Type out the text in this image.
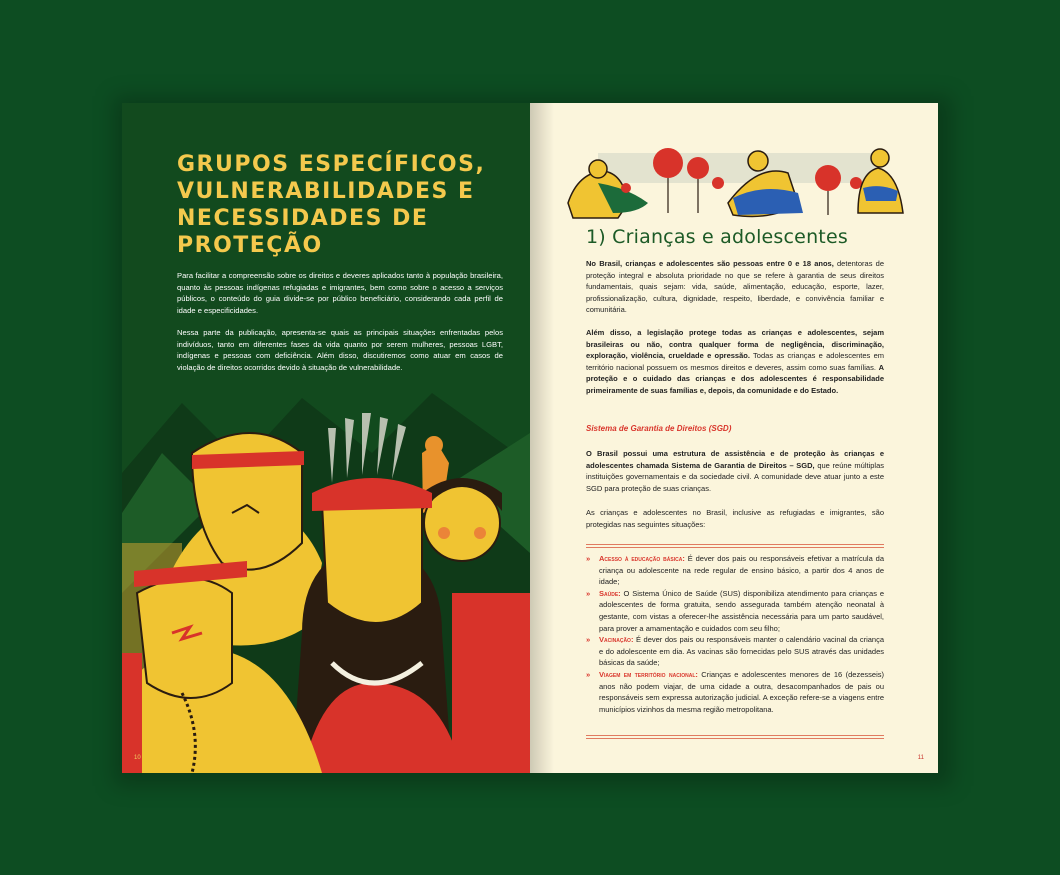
GRUPOS ESPECÍFICOS, VULNERABILIDADES E NECESSIDADES DE PROTEÇÃO

Para facilitar a compreensão sobre os direitos e deveres aplicados tanto à população brasileira, quanto às pessoas indígenas refugiadas e imigrantes, bem como sobre o acesso a serviços públicos, o conteúdo do guia divide-se por público beneficiário, considerando cada perfil de idade e especificidades.

Nessa parte da publicação, apresenta-se quais as principais situações enfrentadas pelos indivíduos, tanto em diferentes fases da vida quanto por serem mulheres, pessoas LGBT, indígenas e pessoas com deficiência. Além disso, discutiremos como atuar em casos de violação de direitos ocorridos devido à situação de vulnerabilidade.

10
1) Crianças e adolescentes
No Brasil, crianças e adolescentes são pessoas entre 0 e 18 anos, detentoras de proteção integral e absoluta prioridade no que se refere à garantia de seus direitos fundamentais, quais sejam: vida, saúde, alimentação, educação, esporte, lazer, profissionalização, cultura, dignidade, respeito, liberdade, e convivência familiar e comunitária.
Além disso, a legislação protege todas as crianças e adolescentes, sejam brasileiras ou não, contra qualquer forma de negligência, discriminação, exploração, violência, crueldade e opressão. Todas as crianças e adolescentes em território nacional possuem os mesmos direitos e deveres, assim como suas famílias. A proteção e o cuidado das crianças e dos adolescentes é responsabilidade primeiramente de suas famílias e, depois, da comunidade e do Estado.
Sistema de Garantia de Direitos (SGD)
O Brasil possui uma estrutura de assistência e de proteção às crianças e adolescentes chamada Sistema de Garantia de Direitos – SGD, que reúne múltiplas instituições governamentais e da sociedade civil. A comunidade deve atuar junto a este SGD para proteção de suas crianças.
As crianças e adolescentes no Brasil, inclusive as refugiadas e imigrantes, são protegidas nas seguintes situações:
» Acesso à educação básica: É dever dos pais ou responsáveis efetivar a matrícula da criança ou adolescente na rede regular de ensino básico, a partir dos 4 anos de idade;
» Saúde: O Sistema Único de Saúde (SUS) disponibiliza atendimento para crianças e adolescentes de forma gratuita, sendo assegurada também atenção neonatal à gestante, com vistas a oferecer-lhe assistência necessária para um parto saudável, para prover a amamentação e cuidados com seu filho;
» Vacinação: É dever dos pais ou responsáveis manter o calendário vacinal da criança e do adolescente em dia. As vacinas são fornecidas pelo SUS através das unidades básicas da saúde;
» Viagem em território nacional: Crianças e adolescentes menores de 16 (dezesseis) anos não podem viajar, de uma cidade a outra, desacompanhados de pais ou responsáveis sem expressa autorização judicial. A exceção refere-se a viagens entre municípios vizinhos da mesma região metropolitana.
11
